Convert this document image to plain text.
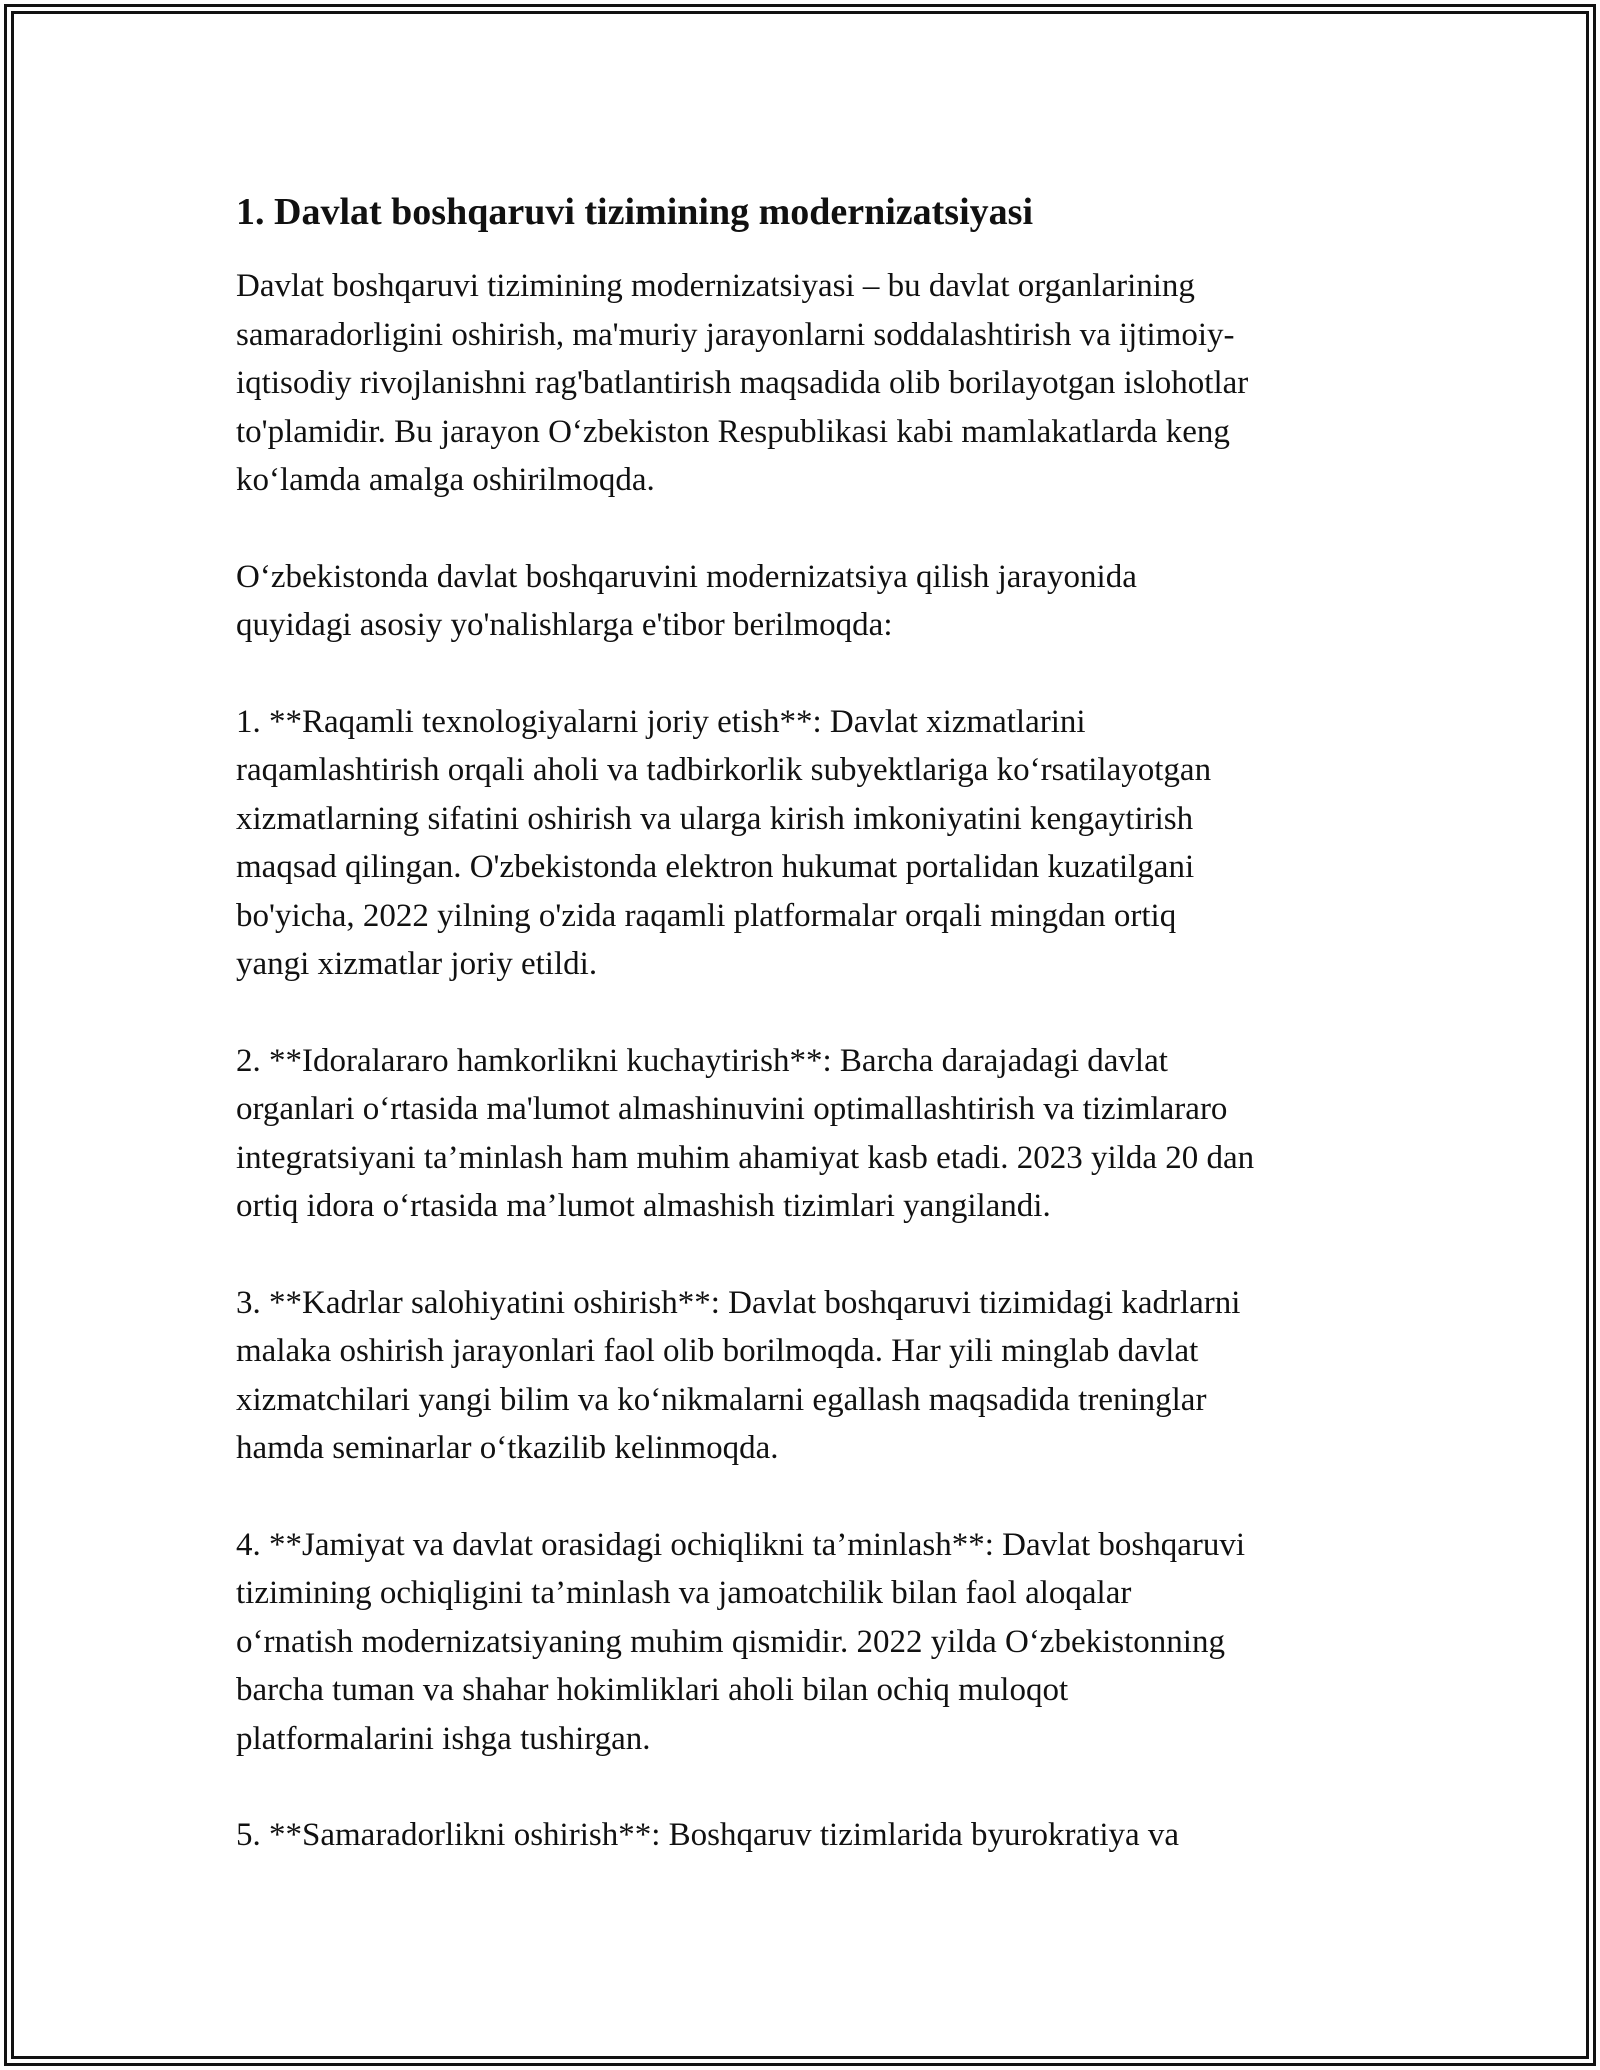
1. Davlat boshqaruvi tizimining modernizatsiyasi

Davlat boshqaruvi tizimining modernizatsiyasi – bu davlat organlarining
samaradorligini oshirish, ma'muriy jarayonlarni soddalashtirish va ijtimoiy-
iqtisodiy rivojlanishni rag'batlantirish maqsadida olib borilayotgan islohotlar
to'plamidir. Bu jarayon O‘zbekiston Respublikasi kabi mamlakatlarda keng
ko‘lamda amalga oshirilmoqda.

O‘zbekistonda davlat boshqaruvini modernizatsiya qilish jarayonida
quyidagi asosiy yo'nalishlarga e'tibor berilmoqda:

1. **Raqamli texnologiyalarni joriy etish**: Davlat xizmatlarini
raqamlashtirish orqali aholi va tadbirkorlik subyektlariga ko‘rsatilayotgan
xizmatlarning sifatini oshirish va ularga kirish imkoniyatini kengaytirish
maqsad qilingan. O'zbekistonda elektron hukumat portalidan kuzatilgani
bo'yicha, 2022 yilning o'zida raqamli platformalar orqali mingdan ortiq
yangi xizmatlar joriy etildi.

2. **Idoralararo hamkorlikni kuchaytirish**: Barcha darajadagi davlat
organlari o‘rtasida ma'lumot almashinuvini optimallashtirish va tizimlararo
integratsiyani ta’minlash ham muhim ahamiyat kasb etadi. 2023 yilda 20 dan
ortiq idora o‘rtasida ma’lumot almashish tizimlari yangilandi.

3. **Kadrlar salohiyatini oshirish**: Davlat boshqaruvi tizimidagi kadrlarni
malaka oshirish jarayonlari faol olib borilmoqda. Har yili minglab davlat
xizmatchilari yangi bilim va ko‘nikmalarni egallash maqsadida treninglar
hamda seminarlar o‘tkazilib kelinmoqda.

4. **Jamiyat va davlat orasidagi ochiqlikni ta’minlash**: Davlat boshqaruvi
tizimining ochiqligini ta’minlash va jamoatchilik bilan faol aloqalar
o‘rnatish modernizatsiyaning muhim qismidir. 2022 yilda O‘zbekistonning
barcha tuman va shahar hokimliklari aholi bilan ochiq muloqot
platformalarini ishga tushirgan.

5. **Samaradorlikni oshirish**: Boshqaruv tizimlarida byurokratiya va
